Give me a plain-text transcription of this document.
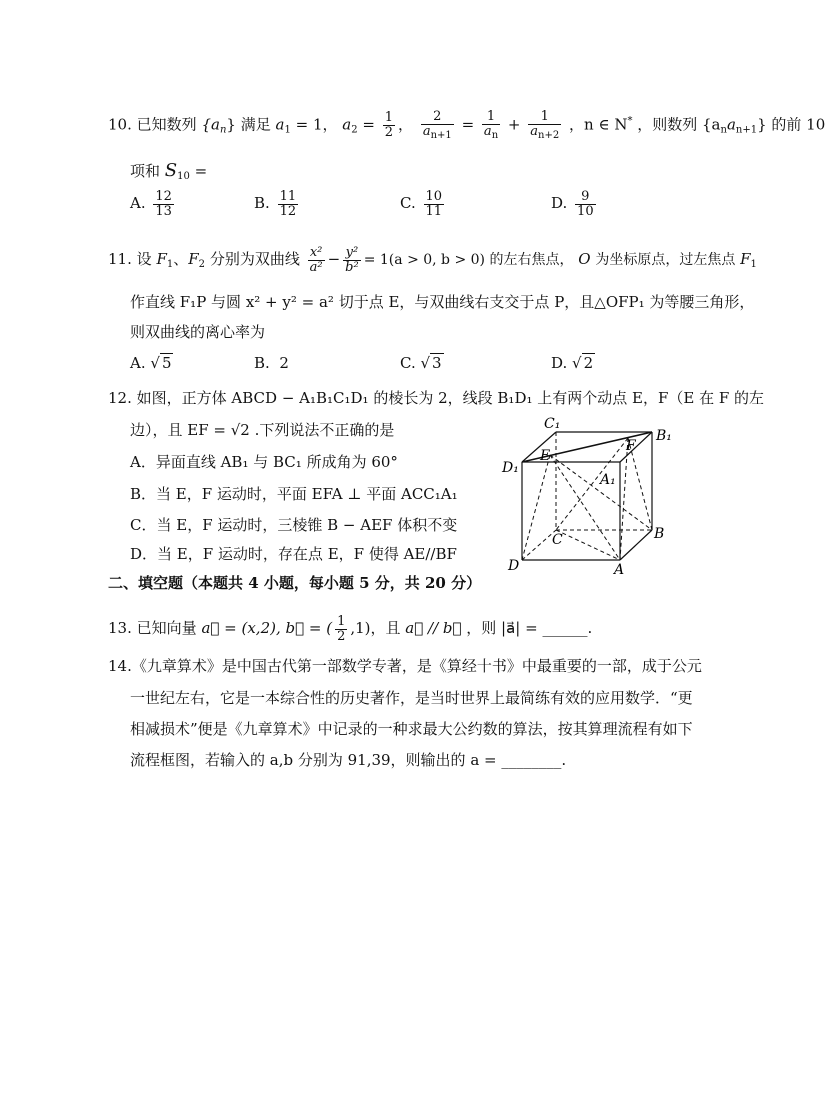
10. 已知数列 $\{a_n\}$ 满足 $a_1 = 1$， $a_2 = \frac{1}{2}$ ， $\frac{2}{a_{n+1}} = \frac{1}{a_n} + \frac{1}{a_{n+2}}$ ，n ∈ N* ，则数列 $\{a_na_{n+1}\}$ 的前 10
项和 $S_{10}$ =
A. $\frac{12}{13}$	B. $\frac{11}{12}$	C. $\frac{10}{11}$	D. $\frac{9}{10}$
11. 设 $F_1$、$F_2$ 分别为双曲线 $\frac{\text{x²}}{\text{a²}} - \frac{\text{y²}}{\text{b²}} = 1(a > 0$, b > 0) 的左右焦点， O 为坐标原点，过左焦点 $F_1$
作直线 F₁P 与圆 x² + y² = a² 切于点 E，与双曲线右支交于点 P，且△OFP₁ 为等腰三角形，
则双曲线的离心率为
A. √ 5	B. 2	C. √ 3	D. √ 2
12. 如图，正方体 ABCD − A₁B₁C₁D₁ 的棱长为 2，线段 B₁D₁ 上有两个动点 E，F（E 在 F 的左
边），且 EF = √2 .下列说法不正确的是
A．异面直线 AB₁ 与 BC₁ 所成角为 60°
B．当 E，F 运动时，平面 EFA ⊥ 平面 ACC₁A₁
C．当 E，F 运动时，三棱锥 B − AEF 体积不变
D．当 E，F 运动时，存在点 E，F 使得 AE//BF
C₁
B₁
D₁
E
F
A₁
C	B
D	A
二、填空题（本题共 4 小题，每小题 5 分，共 20 分）
13. 已知向量 a⃗ = (x,2), b⃗ = ( $\frac{1}{2} ,1$)，且 a⃗ // b⃗ ，则 |a⃗| = ______.
14.《九章算术》是中国古代第一部数学专著，是《算经十书》中最重要的一部，成于公元
一世纪左右，它是一本综合性的历史著作，是当时世界上最简练有效的应用数学．“更
相减损术”便是《九章算术》中记录的一种求最大公约数的算法，按其算理流程有如下
流程框图，若输入的 a,b 分别为 91,39，则输出的 a = ________.
